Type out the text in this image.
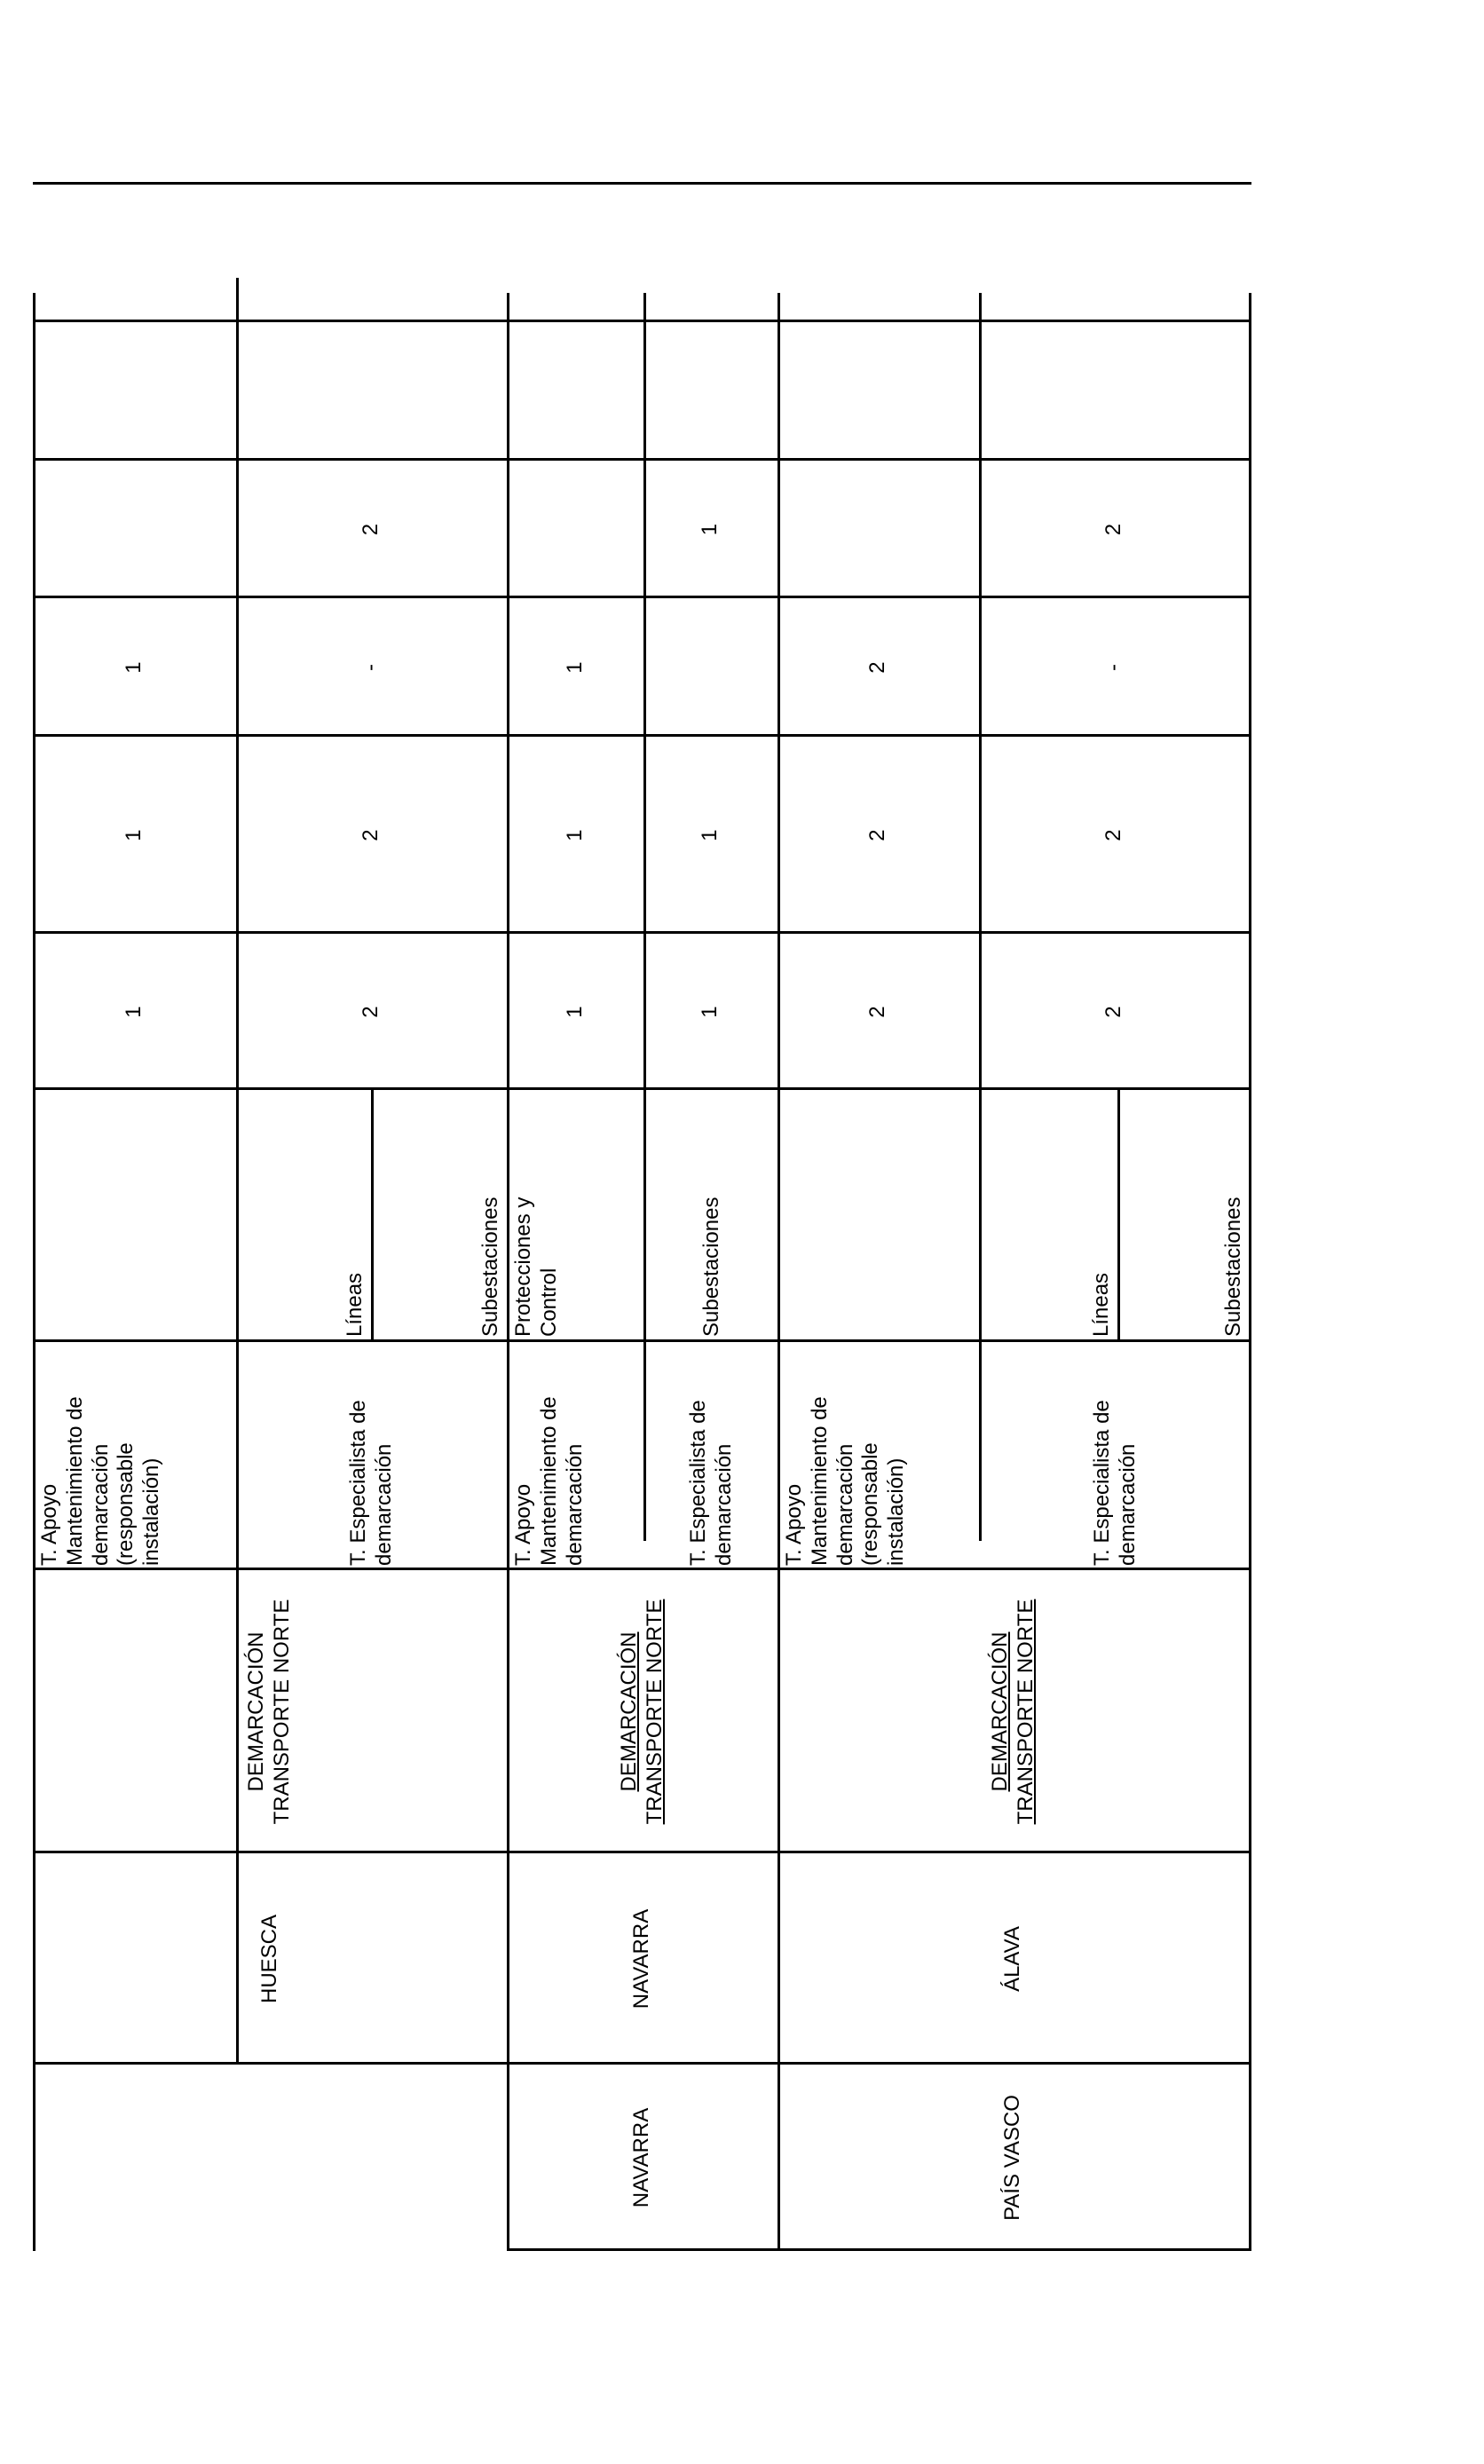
HUESCA
DEMARCACIÓN
TRANSPORTE NORTE
T. Apoyo
Mantenimiento de
demarcación
(responsable
instalación)
1
1
1
T. Especialista de
demarcación
Líneas	Subestaciones
2
2
-
2
NAVARRA
NAVARRA
DEMARCACIÓN
TRANSPORTE NORTE
T. Apoyo
Mantenimiento de
demarcación
Protecciones y
Control
1
1
1
T. Especialista de
demarcación
Subestaciones
1
1
1
PAÍS VASCO
ÁLAVA
DEMARCACIÓN
TRANSPORTE NORTE
T. Apoyo
Mantenimiento de
demarcación
(responsable
instalación)
2
2
2
T. Especialista de
demarcación
Líneas	Subestaciones
2
2
-
2
